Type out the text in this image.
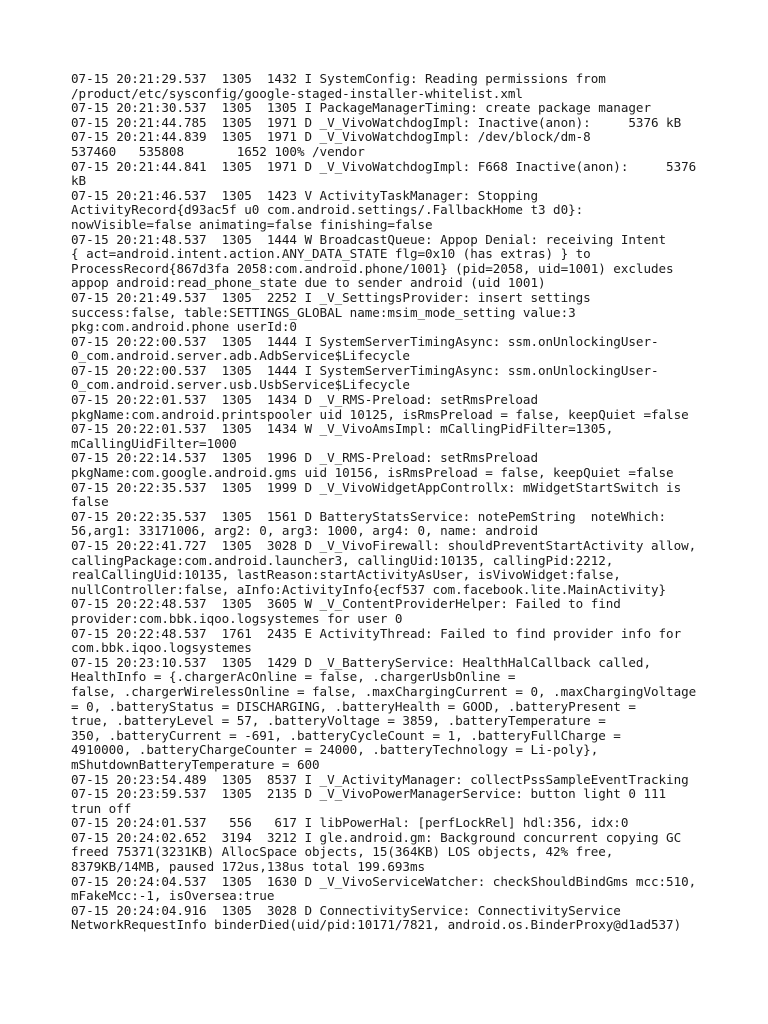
07-15 20:21:29.537  1305  1432 I SystemConfig: Reading permissions from
/product/etc/sysconfig/google-staged-installer-whitelist.xml
07-15 20:21:30.537  1305  1305 I PackageManagerTiming: create package manager
07-15 20:21:44.785  1305  1971 D _V_VivoWatchdogImpl: Inactive(anon):     5376 kB
07-15 20:21:44.839  1305  1971 D _V_VivoWatchdogImpl: /dev/block/dm-8
537460   535808       1652 100% /vendor
07-15 20:21:44.841  1305  1971 D _V_VivoWatchdogImpl: F668 Inactive(anon):     5376
kB
07-15 20:21:46.537  1305  1423 V ActivityTaskManager: Stopping
ActivityRecord{d93ac5f u0 com.android.settings/.FallbackHome t3 d0}:
nowVisible=false animating=false finishing=false
07-15 20:21:48.537  1305  1444 W BroadcastQueue: Appop Denial: receiving Intent
{ act=android.intent.action.ANY_DATA_STATE flg=0x10 (has extras) } to
ProcessRecord{867d3fa 2058:com.android.phone/1001} (pid=2058, uid=1001) excludes
appop android:read_phone_state due to sender android (uid 1001)
07-15 20:21:49.537  1305  2252 I _V_SettingsProvider: insert settings
success:false, table:SETTINGS_GLOBAL name:msim_mode_setting value:3
pkg:com.android.phone userId:0
07-15 20:22:00.537  1305  1444 I SystemServerTimingAsync: ssm.onUnlockingUser-
0_com.android.server.adb.AdbService$Lifecycle
07-15 20:22:00.537  1305  1444 I SystemServerTimingAsync: ssm.onUnlockingUser-
0_com.android.server.usb.UsbService$Lifecycle
07-15 20:22:01.537  1305  1434 D _V_RMS-Preload: setRmsPreload
pkgName:com.android.printspooler uid 10125, isRmsPreload = false, keepQuiet =false
07-15 20:22:01.537  1305  1434 W _V_VivoAmsImpl: mCallingPidFilter=1305,
mCallingUidFilter=1000
07-15 20:22:14.537  1305  1996 D _V_RMS-Preload: setRmsPreload
pkgName:com.google.android.gms uid 10156, isRmsPreload = false, keepQuiet =false
07-15 20:22:35.537  1305  1999 D _V_VivoWidgetAppControllx: mWidgetStartSwitch is
false
07-15 20:22:35.537  1305  1561 D BatteryStatsService: notePemString  noteWhich:
56,arg1: 33171006, arg2: 0, arg3: 1000, arg4: 0, name: android
07-15 20:22:41.727  1305  3028 D _V_VivoFirewall: shouldPreventStartActivity allow,
callingPackage:com.android.launcher3, callingUid:10135, callingPid:2212,
realCallingUid:10135, lastReason:startActivityAsUser, isVivoWidget:false,
nullController:false, aInfo:ActivityInfo{ecf537 com.facebook.lite.MainActivity}
07-15 20:22:48.537  1305  3605 W _V_ContentProviderHelper: Failed to find
provider:com.bbk.iqoo.logsystemes for user 0
07-15 20:22:48.537  1761  2435 E ActivityThread: Failed to find provider info for
com.bbk.iqoo.logsystemes
07-15 20:23:10.537  1305  1429 D _V_BatteryService: HealthHalCallback called,
HealthInfo = {.chargerAcOnline = false, .chargerUsbOnline =
false, .chargerWirelessOnline = false, .maxChargingCurrent = 0, .maxChargingVoltage
= 0, .batteryStatus = DISCHARGING, .batteryHealth = GOOD, .batteryPresent =
true, .batteryLevel = 57, .batteryVoltage = 3859, .batteryTemperature =
350, .batteryCurrent = -691, .batteryCycleCount = 1, .batteryFullCharge =
4910000, .batteryChargeCounter = 24000, .batteryTechnology = Li-poly},
mShutdownBatteryTemperature = 600
07-15 20:23:54.489  1305  8537 I _V_ActivityManager: collectPssSampleEventTracking
07-15 20:23:59.537  1305  2135 D _V_VivoPowerManagerService: button light 0 111
trun off
07-15 20:24:01.537   556   617 I libPowerHal: [perfLockRel] hdl:356, idx:0
07-15 20:24:02.652  3194  3212 I gle.android.gm: Background concurrent copying GC
freed 75371(3231KB) AllocSpace objects, 15(364KB) LOS objects, 42% free,
8379KB/14MB, paused 172us,138us total 199.693ms
07-15 20:24:04.537  1305  1630 D _V_VivoServiceWatcher: checkShouldBindGms mcc:510,
mFakeMcc:-1, isOversea:true
07-15 20:24:04.916  1305  3028 D ConnectivityService: ConnectivityService
NetworkRequestInfo binderDied(uid/pid:10171/7821, android.os.BinderProxy@d1ad537)
